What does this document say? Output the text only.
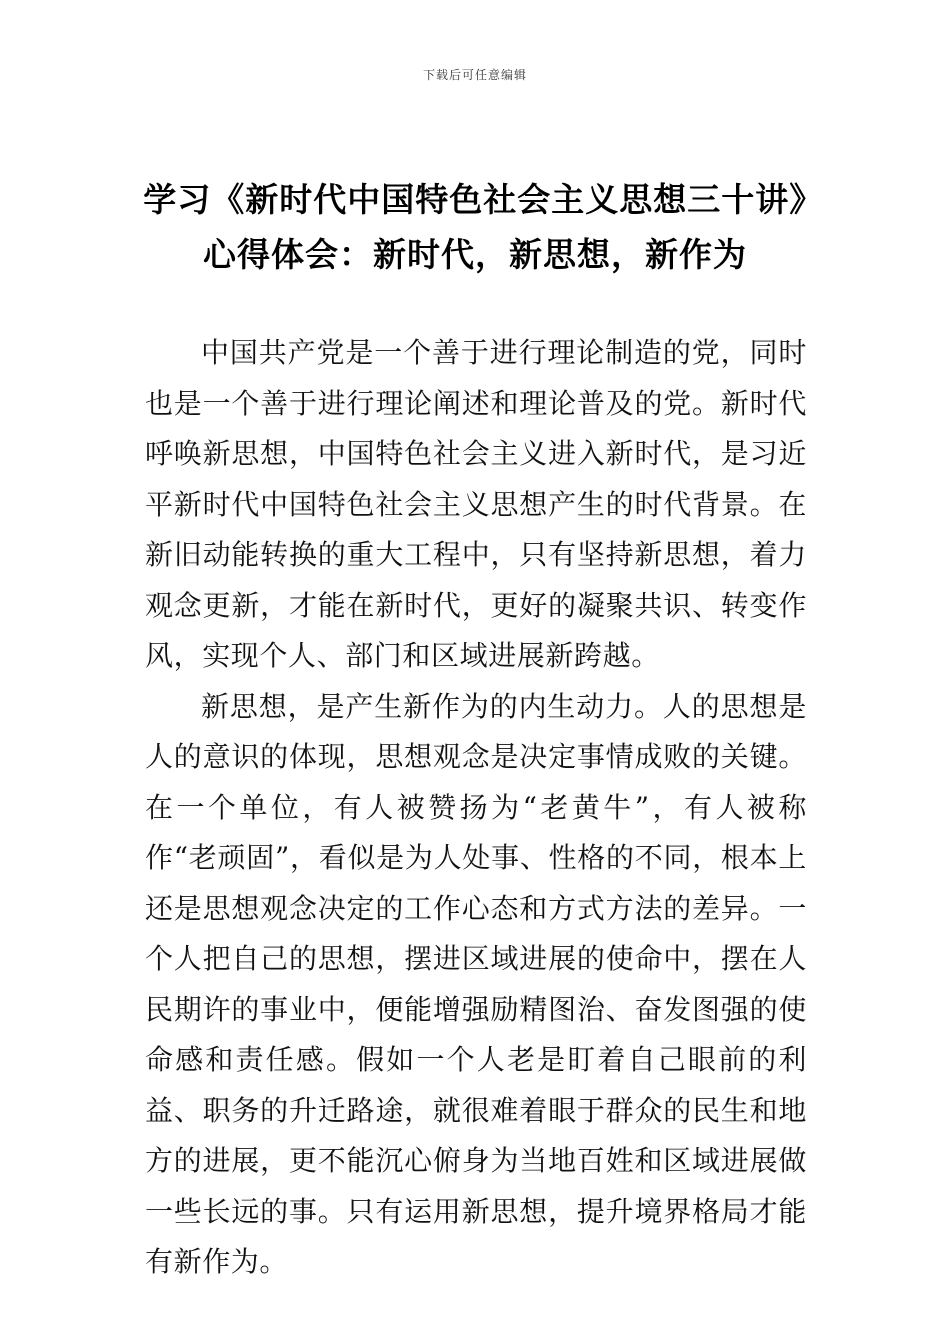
下载后可任意编辑
学习《新时代中国特色社会主义思想三十讲》心得体会：新时代，新思想，新作为

中国共产党是一个善于进行理论制造的党，同时也是一个善于进行理论阐述和理论普及的党。新时代呼唤新思想，中国特色社会主义进入新时代，是习近平新时代中国特色社会主义思想产生的时代背景。在新旧动能转换的重大工程中，只有坚持新思想，着力观念更新，才能在新时代，更好的凝聚共识、转变作风，实现个人、部门和区域进展新跨越。

新思想，是产生新作为的内生动力。人的思想是人的意识的体现，思想观念是决定事情成败的关键。在一个单位，有人被赞扬为“老黄牛”，有人被称作“老顽固”，看似是为人处事、性格的不同，根本上还是思想观念决定的工作心态和方式方法的差异。一个人把自己的思想，摆进区域进展的使命中，摆在人民期许的事业中，便能增强励精图治、奋发图强的使命感和责任感。假如一个人老是盯着自己眼前的利益、职务的升迁路途，就很难着眼于群众的民生和地方的进展，更不能沉心俯身为当地百姓和区域进展做一些长远的事。只有运用新思想，提升境界格局才能有新作为。
